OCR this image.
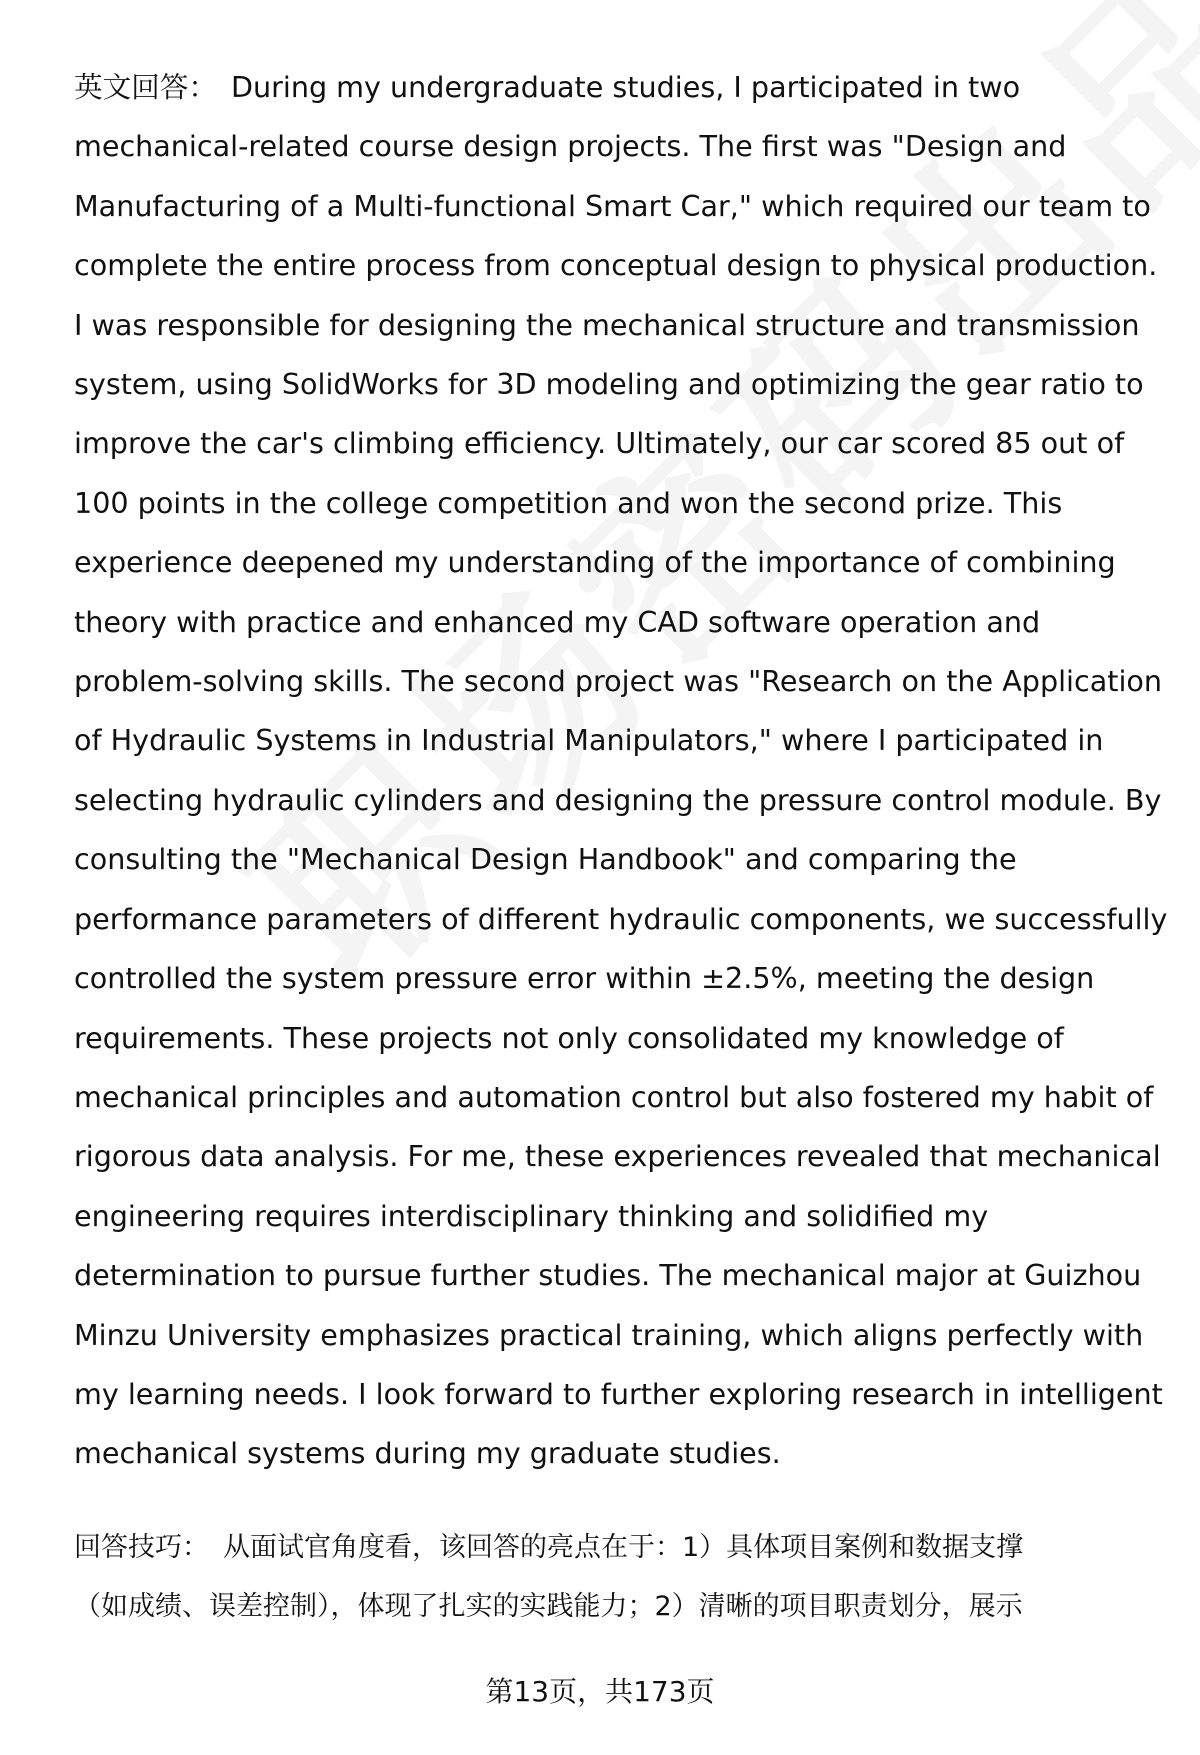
英文回答： During my undergraduate studies, I participated in two
mechanical-related course design projects. The first was "Design and
Manufacturing of a Multi-functional Smart Car," which required our team to
complete the entire process from conceptual design to physical production.
I was responsible for designing the mechanical structure and transmission
system, using SolidWorks for 3D modeling and optimizing the gear ratio to
improve the car's climbing efficiency. Ultimately, our car scored 85 out of
100 points in the college competition and won the second prize. This
experience deepened my understanding of the importance of combining
theory with practice and enhanced my CAD software operation and
problem-solving skills. The second project was "Research on the Application
of Hydraulic Systems in Industrial Manipulators," where I participated in
selecting hydraulic cylinders and designing the pressure control module. By
consulting the "Mechanical Design Handbook" and comparing the
performance parameters of different hydraulic components, we successfully
controlled the system pressure error within ±2.5%, meeting the design
requirements. These projects not only consolidated my knowledge of
mechanical principles and automation control but also fostered my habit of
rigorous data analysis. For me, these experiences revealed that mechanical
engineering requires interdisciplinary thinking and solidified my
determination to pursue further studies. The mechanical major at Guizhou
Minzu University emphasizes practical training, which aligns perfectly with
my learning needs. I look forward to further exploring research in intelligent
mechanical systems during my graduate studies.
回答技巧： 从面试官角度看，该回答的亮点在于：1）具体项目案例和数据支撑
（如成绩、误差控制），体现了扎实的实践能力；2）清晰的项目职责划分，展示
第13页，共173页
